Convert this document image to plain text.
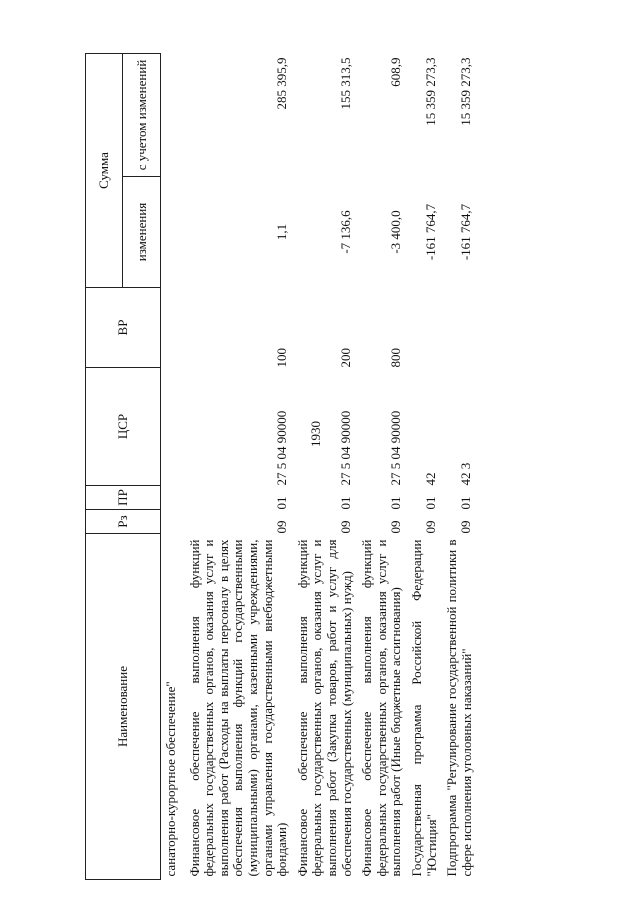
1930
Наименование	Рз	ПР	ЦСР	ВР	Сумма	
					изменения	с учетом изменений
санаторно-курортное обеспечение"						
Финансовое обеспечение выполнения функций федеральных государственных органов, оказания услуг и выполнения работ (Расходы на выплаты персоналу в целях обеспечения выполнения функций государственными (муниципальными) органами, казенными учреждениями, органами управления государственными внебюджетными фондами)	09	01	27 5 04 90000	100	1,1	285 395,9
Финансовое обеспечение выполнения функций федеральных государственных органов, оказания услуг и выполнения работ (Закупка товаров, работ и услуг для обеспечения государственных (муниципальных) нужд)	09	01	27 5 04 90000	200	-7 136,6	155 313,5
Финансовое обеспечение выполнения функций федеральных государственных органов, оказания услуг и выполнения работ (Иные бюджетные ассигнования)	09	01	27 5 04 90000	800	-3 400,0	608,9
Государственная программа Российской Федерации "Юстиция"	09	01	42		-161 764,7	15 359 273,3
Подпрограмма "Регулирование государственной политики в сфере исполнения уголовных наказаний"	09	01	42 3		-161 764,7	15 359 273,3
